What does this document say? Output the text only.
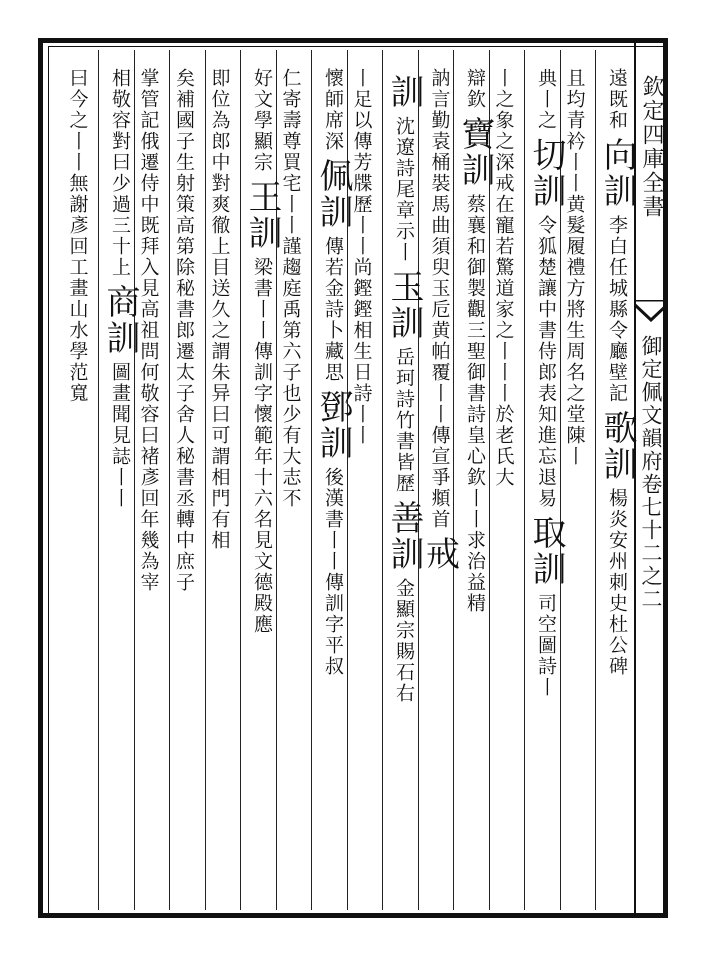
欽定四庫全書
御定佩文韻府卷七十二之二
遠既和向訓李白任城縣令廳壁記歌訓楊炎安州刺史杜公碑
且均青衿丨丨黄髮履禮方將生周名之堂陳丨
典丨之切訓令狐楚讓中書侍郎表知進忘退易取訓司空圖詩丨
丨之象之深戒在寵若驚道家之丨丨丨於老氏大
辯欽寶訓蔡襄和御製觀三聖御書詩皇心欽丨丨求治益精
訥言勤袁桶裝馬曲須臾玉卮黄帕覆丨丨傳宣爭頫首戒
訓沈遼詩尾章示丨玉訓岳珂詩竹書皆歷善訓金顯宗賜石右
丨足以傳芳牒歷丨丨尚鏗鏗相生日詩丨丨
懷師席深佩訓傳若金詩卜藏思鄧訓後漢書丨丨傳訓字平叔
仁寄壽尊買宅丨丨謹趨庭禹第六子也少有大志不
好文學顯宗王訓梁書丨丨傳訓字懷範年十六名見文德殿應
即位為郎中對爽徹上目送久之謂朱异曰可謂相門有相
矣補國子生射策高第除秘書郎遷太子舍人秘書丞轉中庶子
掌管記俄遷侍中既拜入見高祖問何敬容曰褚彥回年幾為宰
相敬容對曰少過三十上商訓圖畫聞見誌丨丨
曰今之丨丨無謝彥回工畫山水學范寬
